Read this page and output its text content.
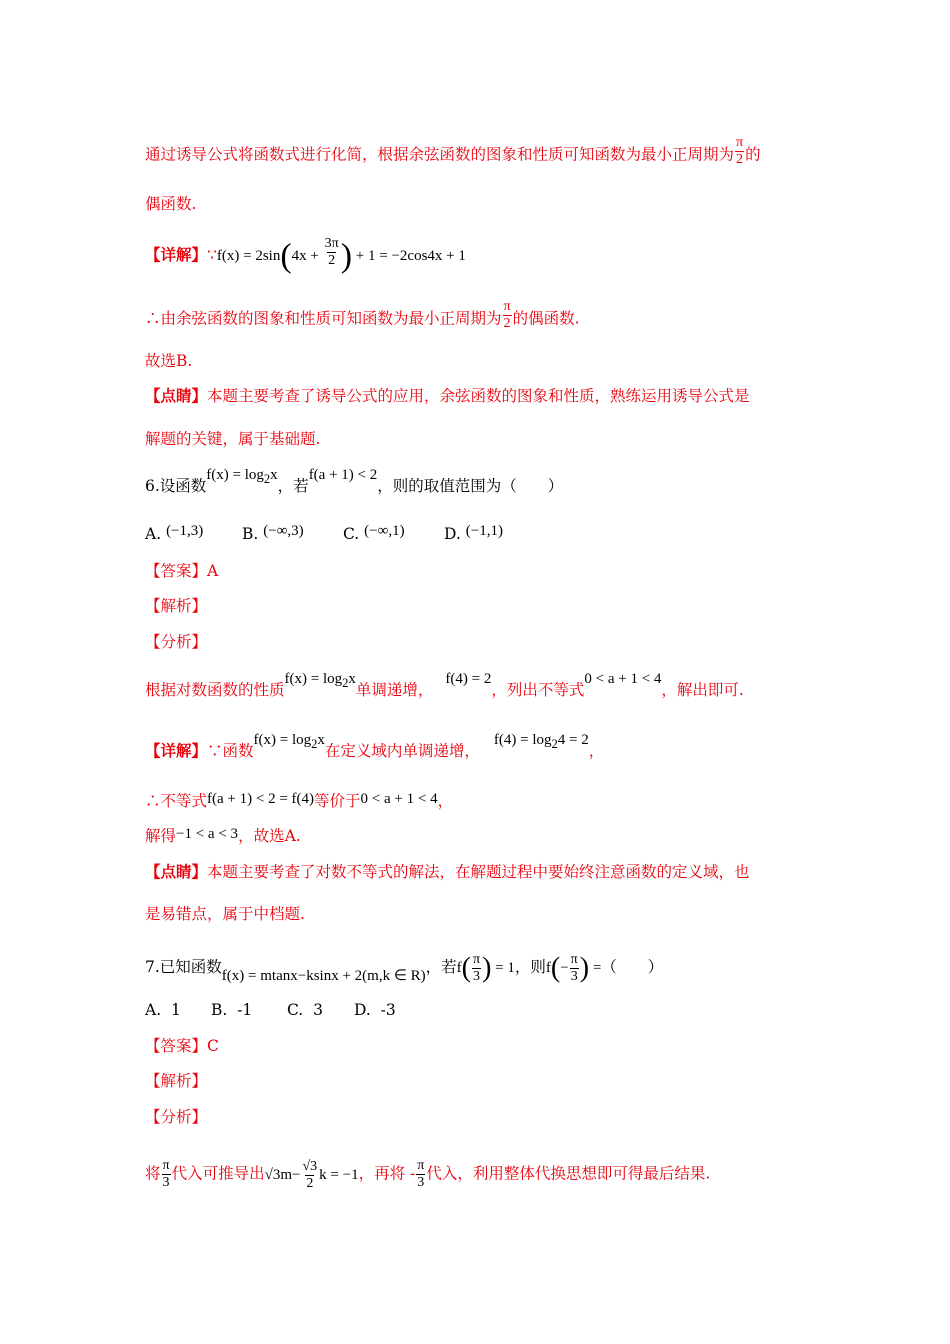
通过诱导公式将函数式进行化简，根据余弦函数的图象和性质可知函数为最小正周期为 $\frac{\pi}{2}$ 的
偶函数.
【详解】∵f(x) = $2\sin(4x + \frac{3\pi}{2}$ ) + 1 = −2cos4x + 1
∴由余弦函数的图象和性质可知函数为最小正周期为 $\frac{\pi}{2}$ 的偶函数.
故选B.
【点睛】本题主要考查了诱导公式的应用，余弦函数的图象和性质，熟练运用诱导公式是
解题的关键，属于基础题.
6.设函数$f(x) = \log_2x$，若f(a + 1) < 2，则的取值范围为（　　）
A. (−1,3) B. (−∞,3)	C. (−∞,1)	D. (−1,1)
【答案】A
【解析】
【分析】
根据对数函数的性质$f(x) = \log_2x$单调递增，f(4) = 2，列出不等式0 < a + 1 < 4，解出即可.
【详解】∵函数$f(x) = \log_2x$在定义域内单调递增，$f(4) = \log_24 = 2$，
∴不等式f(a + 1) < 2 = f(4)等价于0 < a + 1 < 4，
解得−1 < a < 3，故选A.
【点睛】本题主要考查了对数不等式的解法，在解题过程中要始终注意函数的定义域，也
是易错点，属于中档题.
7.已知函数f(x) = mtanx−ksinx + 2(m,k ∈ R)，若$f( \frac{\pi}{3}$ ) = 1，则$f(- \frac{\pi}{3}$ ) =（　　）
A. 1 B. -1 C. 3 D. -3
【答案】C
【解析】
【分析】
将 $\frac{\pi}{3}$ 代入可推导出$√3m- \frac{√3}{2}$ k = −1，再将 - $\frac{\pi}{3}$ 代入，利用整体代换思想即可得最后结果.
